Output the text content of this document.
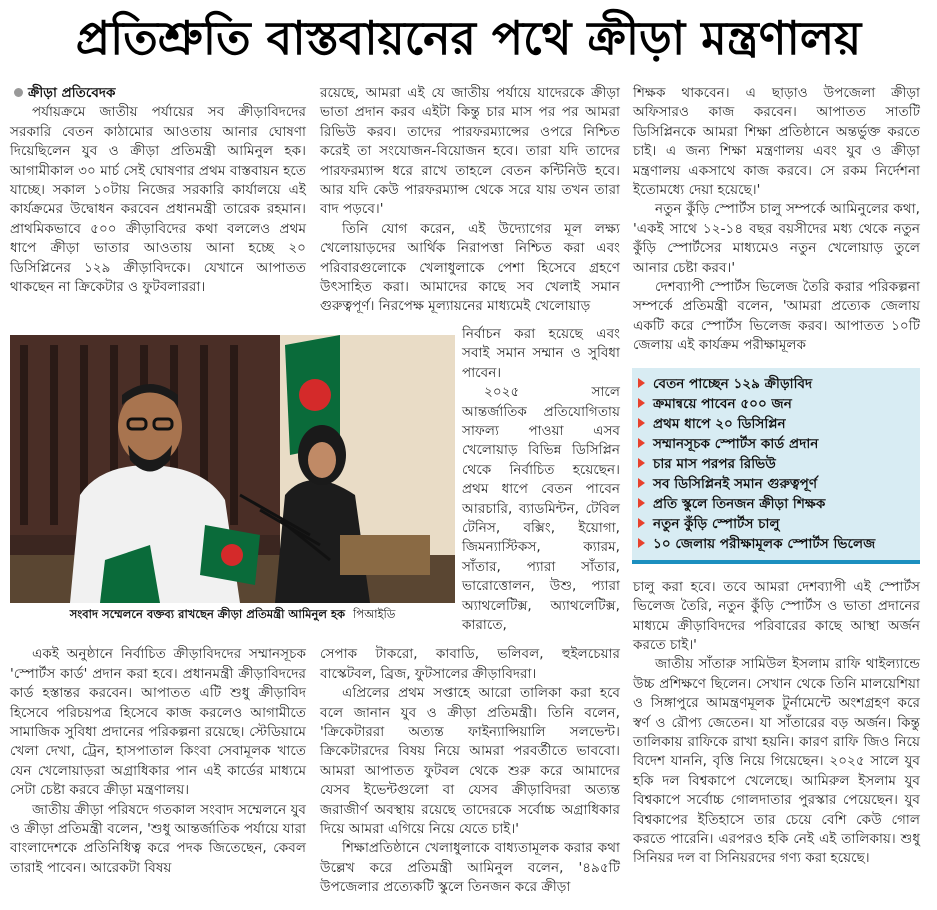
প্রতিশ্রুতি বাস্তবায়নের পথে ক্রীড়া মন্ত্রণালয়
ক্রীড়া প্রতিবেদক

পর্যায়ক্রমে জাতীয় পর্যায়ের সব ক্রীড়াবিদদের সরকারি বেতন কাঠামোর আওতায় আনার ঘোষণা দিয়েছিলেন যুব ও ক্রীড়া প্রতিমন্ত্রী আমিনুল হক। আগামীকাল ৩০ মার্চ সেই ঘোষণার প্রথম বাস্তবায়ন হতে যাচ্ছে। সকাল ১০টায় নিজের সরকারি কার্যালয়ে এই কার্যক্রমের উদ্বোধন করবেন প্রধানমন্ত্রী তারেক রহমান। প্রাথমিকভাবে ৫০০ ক্রীড়াবিদের কথা বললেও প্রথম ধাপে ক্রীড়া ভাতার আওতায় আনা হচ্ছে ২০ ডিসিপ্লিনের ১২৯ ক্রীড়াবিদকে। যেখানে আপাতত থাকছেন না ক্রিকেটার ও ফুটবলাররা।

রয়েছে, আমরা এই যে জাতীয় পর্যায়ে যাদেরকে ক্রীড়া ভাতা প্রদান করব এইটা কিন্তু চার মাস পর পর আমরা রিভিউ করব। তাদের পারফরম্যান্সের ওপরে নিশ্চিত করেই তা সংযোজন-বিয়োজন হবে। তারা যদি তাদের পারফরম্যান্স ধরে রাখে তাহলে বেতন কন্টিনিউ হবে। আর যদি কেউ পারফরম্যান্স থেকে সরে যায় তখন তারা বাদ পড়বে।'

তিনি যোগ করেন, এই উদ্যোগের মূল লক্ষ্য খেলোয়াড়দের আর্থিক নিরাপত্তা নিশ্চিত করা এবং পরিবারগুলোকে খেলাধুলাকে পেশা হিসেবে গ্রহণে উৎসাহিত করা। আমাদের কাছে সব খেলাই সমান গুরুত্বপূর্ণ। নিরপেক্ষ মূল্যায়নের মাধ্যমেই খেলোয়াড়

সংবাদ সম্মেলনে বক্তব্য রাখছেন ক্রীড়া প্রতিমন্ত্রী আমিনুল হক পিআইডি

নির্বাচন করা হয়েছে এবং সবাই সমান সম্মান ও সুবিধা পাবেন।

২০২৫ সালে আন্তর্জাতিক প্রতিযোগিতায় সাফল্য পাওয়া এসব খেলোয়াড় বিভিন্ন ডিসিপ্লিন থেকে নির্বাচিত হয়েছেন। প্রথম ধাপে বেতন পাবেন আরচারি, ব্যাডমিন্টন, টেবিল টেনিস, বক্সিং, ইয়োগা, জিমন্যাস্টিকস, ক্যারম, সাঁতার, প্যারা সাঁতার, ভারোত্তোলন, উশু, প্যারা অ্যাথলেটিক্স, অ্যাথলেটিক্স, কারাতে,

একই অনুষ্ঠানে নির্বাচিত ক্রীড়াবিদদের সম্মানসূচক 'স্পোর্টস কার্ড' প্রদান করা হবে। প্রধানমন্ত্রী ক্রীড়াবিদদের কার্ড হস্তান্তর করবেন। আপাতত এটি শুধু ক্রীড়াবিদ হিসেবে পরিচয়পত্র হিসেবে কাজ করলেও আগামীতে সামাজিক সুবিধা প্রদানের পরিকল্পনা রয়েছে। স্টেডিয়ামে খেলা দেখা, ট্রেন, হাসপাতাল কিংবা সেবামূলক খাতে যেন খেলোয়াড়রা অগ্রাধিকার পান এই কার্ডের মাধ্যমে সেটা চেষ্টা করবে ক্রীড়া মন্ত্রণালয়।

জাতীয় ক্রীড়া পরিষদে গতকাল সংবাদ সম্মেলনে যুব ও ক্রীড়া প্রতিমন্ত্রী বলেন, 'শুধু আন্তর্জাতিক পর্যায়ে যারা বাংলাদেশকে প্রতিনিধিত্ব করে পদক জিতেছেন, কেবল তারাই পাবেন। আরেকটা বিষয়

সেপাক টাকরো, কাবাডি, ভলিবল, হুইলচেয়ার বাস্কেটবল, ব্রিজ, ফুটসালের ক্রীড়াবিদরা।

এপ্রিলের প্রথম সপ্তাহে আরো তালিকা করা হবে বলে জানান যুব ও ক্রীড়া প্রতিমন্ত্রী। তিনি বলেন, 'ক্রিকেটাররা অত্যন্ত ফাইন্যান্সিয়ালি সলভেন্ট। ক্রিকেটারদের বিষয় নিয়ে আমরা পরবর্তীতে ভাববো। আমরা আপাতত ফুটবল থেকে শুরু করে আমাদের যেসব ইভেন্টগুলো বা যেসব ক্রীড়াবিদরা অত্যন্ত জরাজীর্ণ অবস্থায় রয়েছে তাদেরকে সর্বোচ্চ অগ্রাধিকার দিয়ে আমরা এগিয়ে নিয়ে যেতে চাই।'

শিক্ষাপ্রতিষ্ঠানে খেলাধুলাকে বাধ্যতামূলক করার কথা উল্লেখ করে প্রতিমন্ত্রী আমিনুল বলেন, '৪৯৫টি উপজেলার প্রত্যেকটি স্কুলে তিনজন করে ক্রীড়া

শিক্ষক থাকবেন। এ ছাড়াও উপজেলা ক্রীড়া অফিসারও কাজ করবেন। আপাতত সাতটি ডিসিপ্লিনকে আমরা শিক্ষা প্রতিষ্ঠানে অন্তর্ভুক্ত করতে চাই। এ জন্য শিক্ষা মন্ত্রণালয় এবং যুব ও ক্রীড়া মন্ত্রণালয় একসাথে কাজ করবে। সে রকম নির্দেশনা ইতোমধ্যে দেয়া হয়েছে।'

নতুন কুঁড়ি স্পোর্টস চালু সম্পর্কে আমিনুলের কথা, 'একই সাথে ১২-১৪ বছর বয়সীদের মধ্য থেকে নতুন কুঁড়ি স্পোর্টসের মাধ্যমেও নতুন খেলোয়াড় তুলে আনার চেষ্টা করব।'

দেশব্যাপী স্পোর্টস ভিলেজ তৈরি করার পরিকল্পনা সম্পর্কে প্রতিমন্ত্রী বলেন, 'আমরা প্রত্যেক জেলায় একটি করে স্পোর্টস ভিলেজ করব। আপাতত ১০টি জেলায় এই কার্যক্রম পরীক্ষামূলক

বেতন পাচ্ছেন ১২৯ ক্রীড়াবিদ
ক্রমান্বয়ে পাবেন ৫০০ জন
প্রথম ধাপে ২০ ডিসিপ্লিন
সম্মানসূচক স্পোর্টস কার্ড প্রদান
চার মাস পরপর রিভিউ
সব ডিসিপ্লিনই সমান গুরুত্বপূর্ণ
প্রতি স্কুলে তিনজন ক্রীড়া শিক্ষক
নতুন কুঁড়ি স্পোর্টস চালু
১০ জেলায় পরীক্ষামূলক স্পোর্টস ভিলেজ

চালু করা হবে। তবে আমরা দেশব্যাপী এই স্পোর্টস ভিলেজ তৈরি, নতুন কুঁড়ি স্পোর্টস ও ভাতা প্রদানের মাধ্যমে ক্রীড়াবিদদের পরিবারের কাছে আস্থা অর্জন করতে চাই।'

জাতীয় সাঁতারু সামিউল ইসলাম রাফি থাইল্যান্ডে উচ্চ প্রশিক্ষণে ছিলেন। সেখান থেকে তিনি মালয়েশিয়া ও সিঙ্গাপুরে আমন্ত্রণমূলক টুর্নামেন্টে অংশগ্রহণ করে স্বর্ণ ও রৌপ্য জেতেন। যা সাঁতারের বড় অর্জন। কিন্তু তালিকায় রাফিকে রাখা হয়নি। কারণ রাফি জিও নিয়ে বিদেশ যাননি, বৃত্তি নিয়ে গিয়েছেন। ২০২৫ সালে যুব হকি দল বিশ্বকাপে খেলেছে। আমিরুল ইসলাম যুব বিশ্বকাপে সর্বোচ্চ গোলদাতার পুরস্কার পেয়েছেন। যুব বিশ্বকাপের ইতিহাসে তার চেয়ে বেশি কেউ গোল করতে পারেনি। এরপরও হকি নেই এই তালিকায়। শুধু সিনিয়র দল বা সিনিয়রদের গণ্য করা হয়েছে।
